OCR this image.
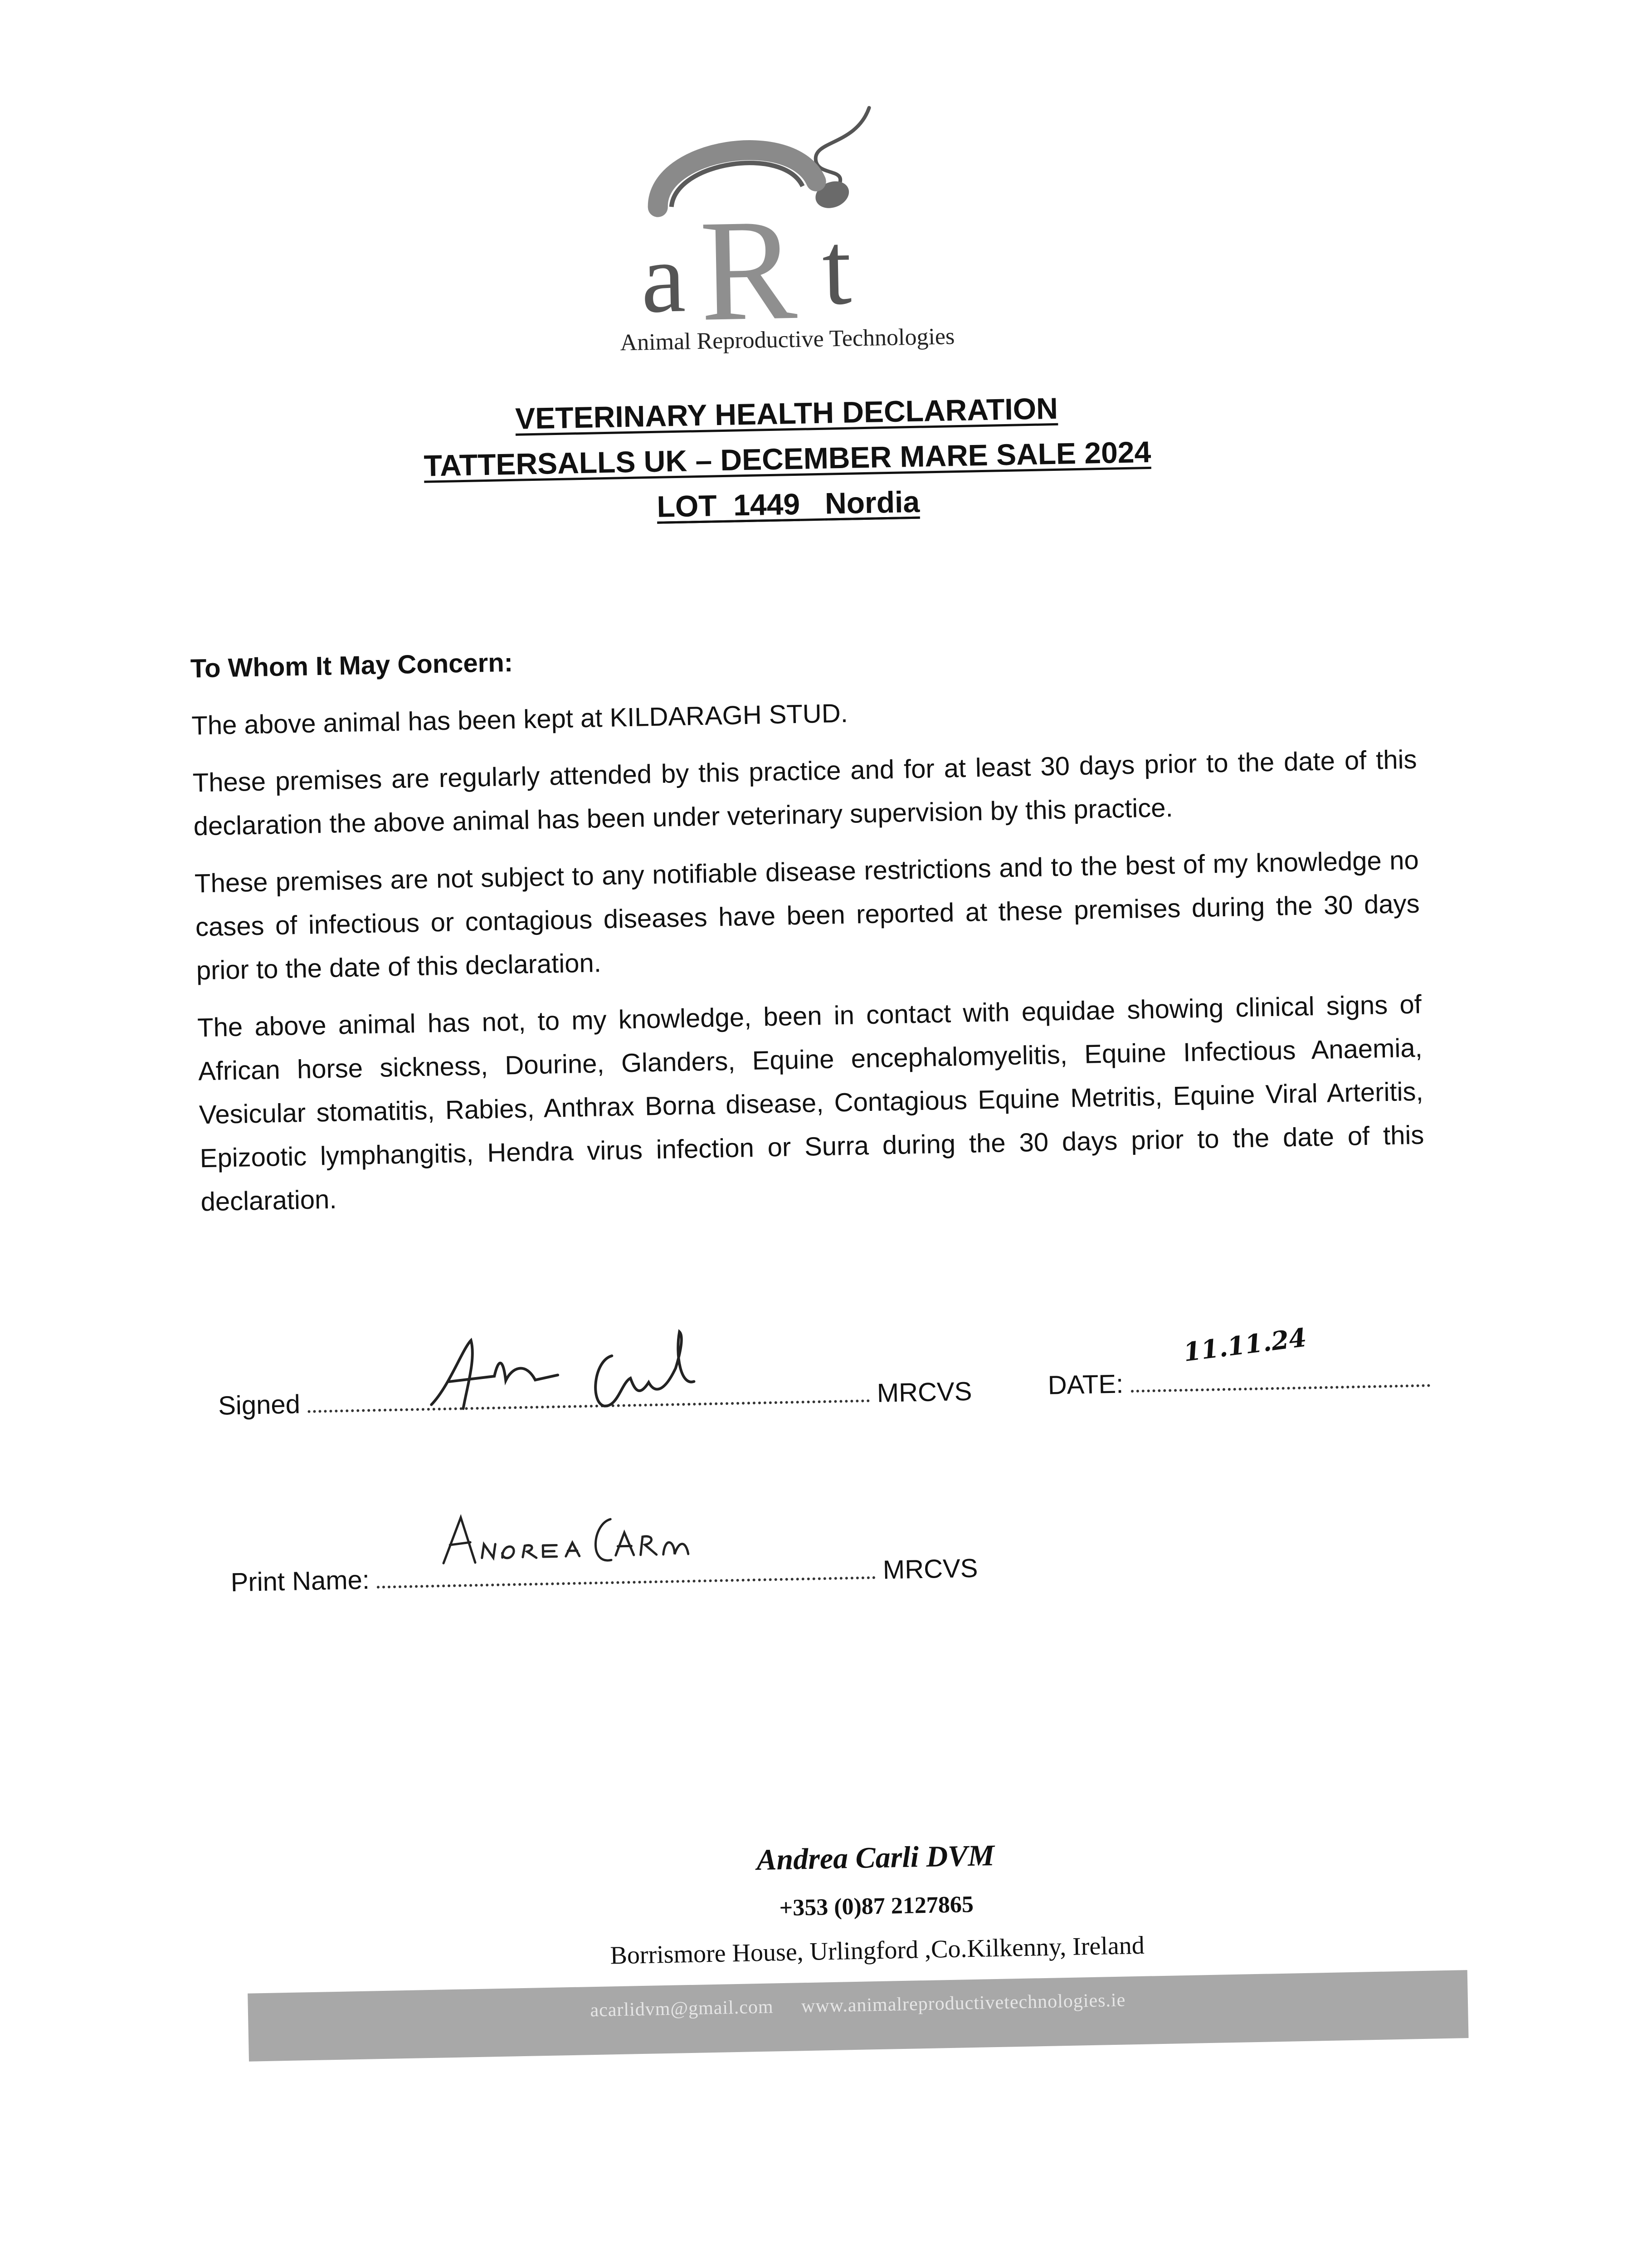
a R t
Animal Reproductive Technologies
VETERINARY HEALTH DECLARATION
TATTERSALLS UK – DECEMBER MARE SALE 2024
LOT  1449 Nordia

To Whom It May Concern:

The above animal has been kept at KILDARAGH STUD.

These premises are regularly attended by this practice and for at least 30 days prior to the date of this declaration the above animal has been under veterinary supervision by this practice.

These premises are not subject to any notifiable disease restrictions and to the best of my knowledge no cases of infectious or contagious diseases have been reported at these premises during the 30 days prior to the date of this declaration.

The above animal has not, to my knowledge, been in contact with equidae showing clinical signs of African horse sickness, Dourine, Glanders, Equine encephalomyelitis, Equine Infectious Anaemia, Vesicular stomatitis, Rabies, Anthrax Borna disease, Contagious Equine Metritis, Equine Viral Arteritis, Epizootic lymphangitis, Hendra virus infection or Surra during the 30 days prior to the date of this declaration.

Signed	MRCVS	DATE:
11.11.24
Print Name:	MRCVS
Andrea Carli DVM
+353 (0)87 2127865
Borrismore House, Urlingford ,Co.Kilkenny, Ireland
acarlidvm@gmail.com www.animalreproductivetechnologies.ie
